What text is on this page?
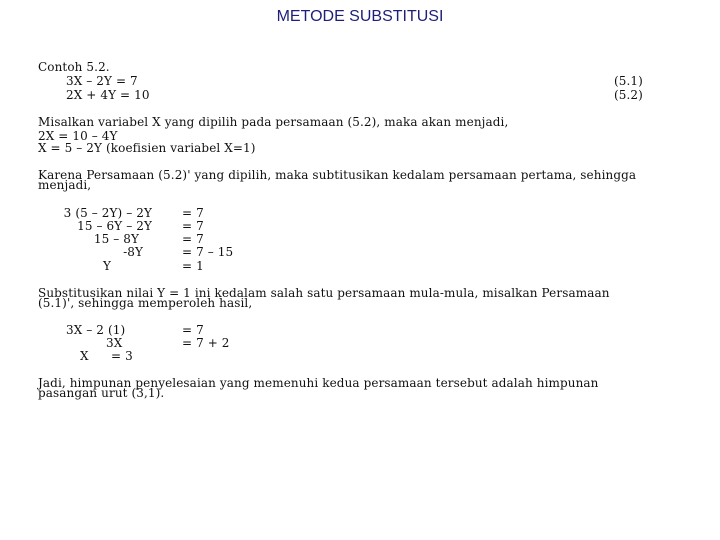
METODE SUBSTITUSI
Contoh 5.2.
3X – 2Y = 7
2X + 4Y = 10
(5.1)
(5.2)
Misalkan variabel X yang dipilih pada persamaan (5.2), maka akan menjadi,
2X = 10 – 4Y
X = 5 – 2Y (koefisien variabel X=1)
Karena Persamaan (5.2)' yang dipilih, maka subtitusikan kedalam persamaan pertama, sehingga
menjadi,
3 (5 – 2Y) – 2Y
15 – 6Y – 2Y
15 – 8Y
-8Y
Y
= 7
= 7
= 7
= 7 – 15
= 1
Substitusikan nilai Y = 1 ini kedalam salah satu persamaan mula-mula, misalkan Persamaan
(5.1)', sehingga memperoleh hasil,
3X – 2 (1)
3X
X = 3
= 7
= 7 + 2
Jadi, himpunan penyelesaian yang memenuhi kedua persamaan tersebut adalah himpunan
pasangan urut (3,1).
